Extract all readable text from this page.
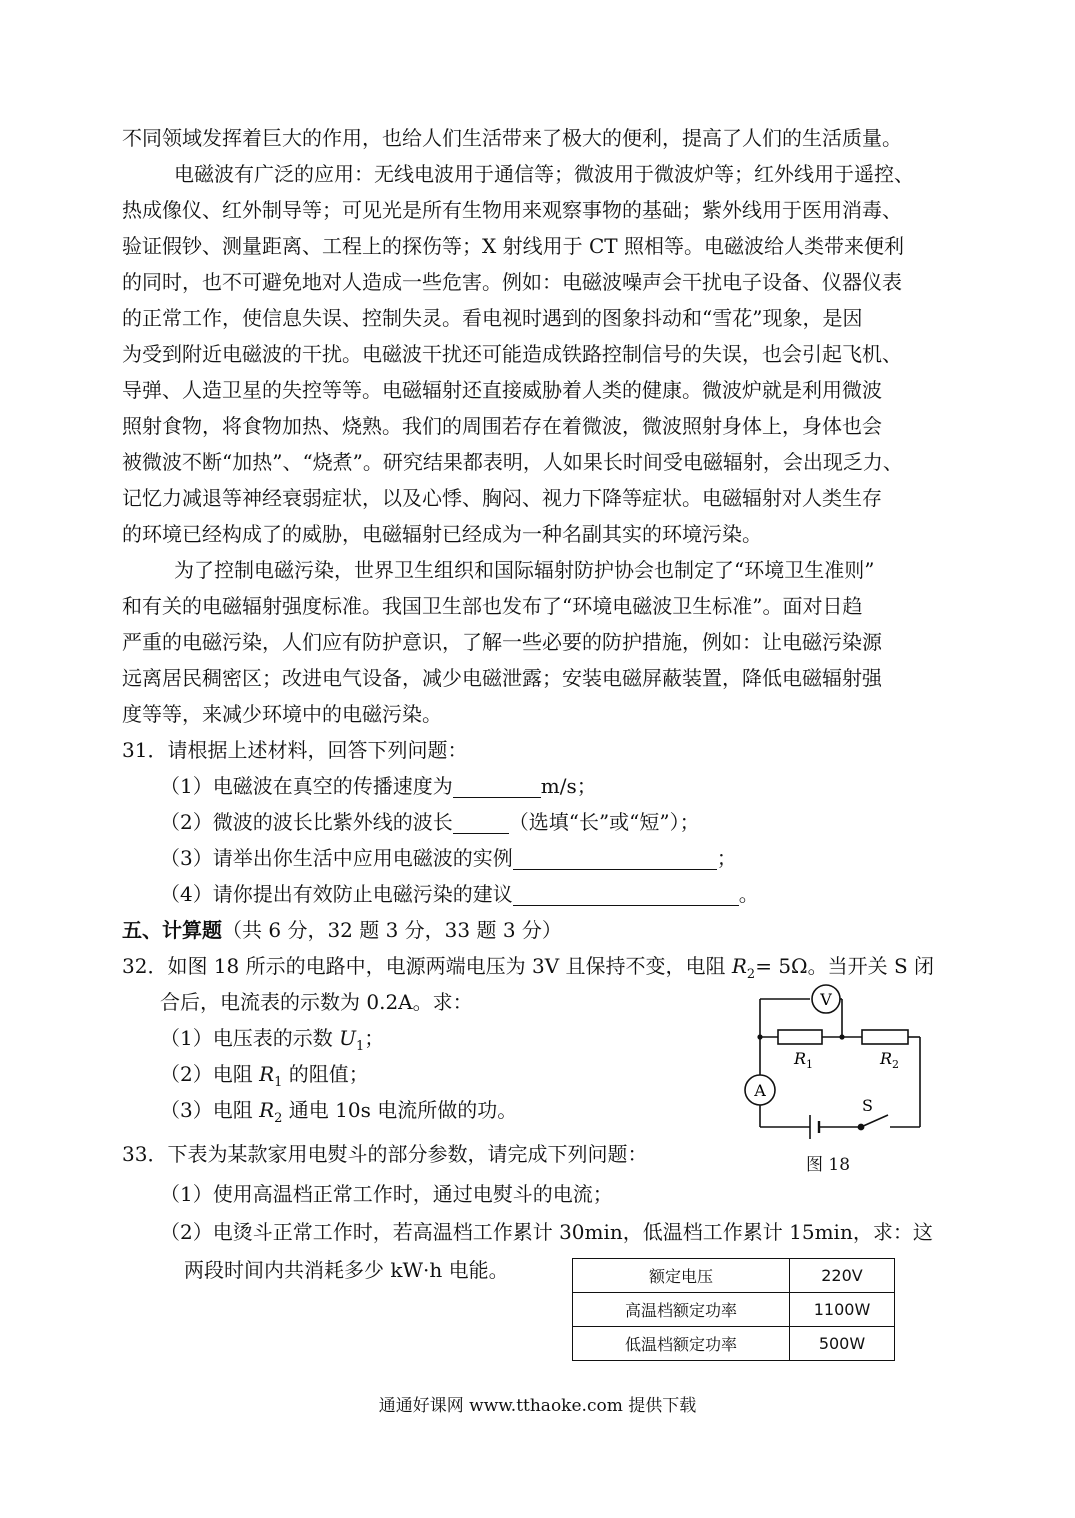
不同领域发挥着巨大的作用，也给人们生活带来了极大的便利，提高了人们的生活质量。
电磁波有广泛的应用：无线电波用于通信等；微波用于微波炉等；红外线用于遥控、
热成像仪、红外制导等；可见光是所有生物用来观察事物的基础；紫外线用于医用消毒、
验证假钞、测量距离、工程上的探伤等；X 射线用于 CT 照相等。电磁波给人类带来便利
的同时，也不可避免地对人造成一些危害。例如：电磁波噪声会干扰电子设备、仪器仪表
的正常工作，使信息失误、控制失灵。看电视时遇到的图象抖动和“雪花”现象，是因
为受到附近电磁波的干扰。电磁波干扰还可能造成铁路控制信号的失误，也会引起飞机、
导弹、人造卫星的失控等等。电磁辐射还直接威胁着人类的健康。微波炉就是利用微波
照射食物，将食物加热、烧熟。我们的周围若存在着微波，微波照射身体上，身体也会
被微波不断“加热”、“烧煮”。研究结果都表明，人如果长时间受电磁辐射，会出现乏力、
记忆力减退等神经衰弱症状，以及心悸、胸闷、视力下降等症状。电磁辐射对人类生存
的环境已经构成了的威胁，电磁辐射已经成为一种名副其实的环境污染。
为了控制电磁污染，世界卫生组织和国际辐射防护协会也制定了“环境卫生准则”
和有关的电磁辐射强度标准。我国卫生部也发布了“环境电磁波卫生标准”。面对日趋
严重的电磁污染，人们应有防护意识，了解一些必要的防护措施，例如：让电磁污染源
远离居民稠密区；改进电气设备，减少电磁泄露；安装电磁屏蔽装置，降低电磁辐射强
度等等，来减少环境中的电磁污染。
31．请根据上述材料，回答下列问题：
（1）电磁波在真空的传播速度为	m/s；
（2）微波的波长比紫外线的波长	（选填“长”或“短”）；
（3）请举出你生活中应用电磁波的实例	；
（4）请你提出有效防止电磁污染的建议	。
五、计算题（共 6 分，32 题 3 分，33 题 3 分）
32．如图 18 所示的电路中，电源两端电压为 3V 且保持不变，电阻 $R_2= 5\Omega$。当开关 S 闭
合后，电流表的示数为 0.2A。求：
（1）电压表的示数 $U_1$；
（2）电阻 $R_1$ 的阻值；
（3）电阻 $R_2$ 通电 10s 电流所做的功。
V
A
$R_1$	$R_2$
S
图 18
33．下表为某款家用电熨斗的部分参数，请完成下列问题：
（1）使用高温档正常工作时，通过电熨斗的电流；
（2）电烫斗正常工作时，若高温档工作累计 30min，低温档工作累计 15min，求：这
两段时间内共消耗多少 kW·h 电能。	额定电压	220V
高温档额定功率	1100W
低温档额定功率	500W
通通好课网 www.tthaoke.com 提供下载
